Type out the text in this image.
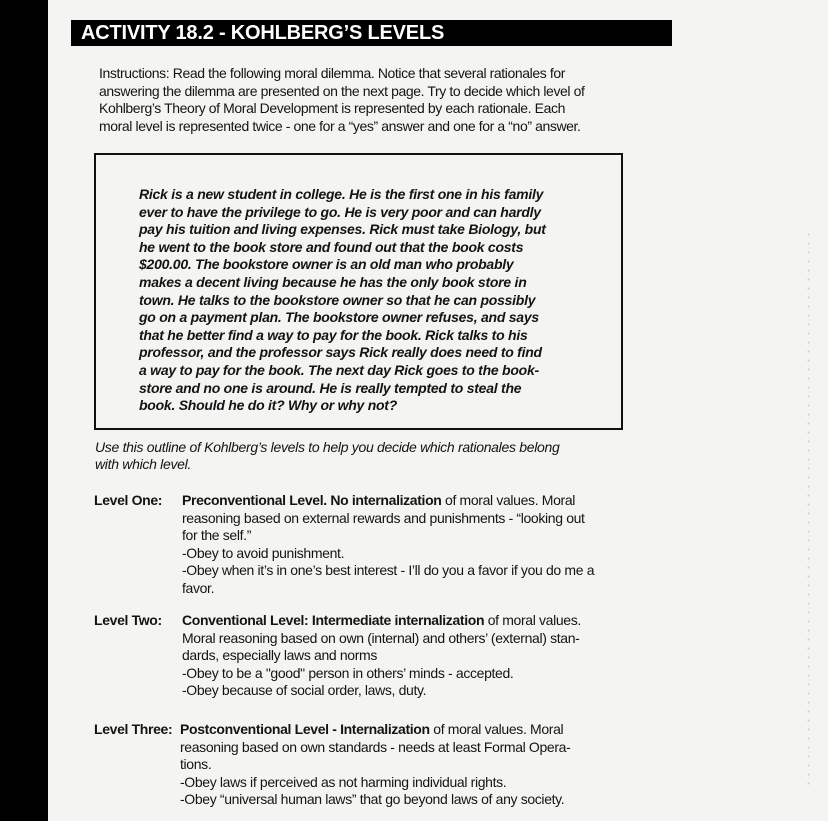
ACTIVITY 18.2 - KOHLBERG’S LEVELS
Instructions: Read the following moral dilemma. Notice that several rationales for
answering the dilemma are presented on the next page. Try to decide which level of
Kohlberg’s Theory of Moral Development is represented by each rationale. Each
moral level is represented twice - one for a “yes” answer and one for a “no” answer.
Rick is a new student in college. He is the first one in his family
ever to have the privilege to go. He is very poor and can hardly
pay his tuition and living expenses. Rick must take Biology, but
he went to the book store and found out that the book costs
$200.00. The bookstore owner is an old man who probably
makes a decent living because he has the only book store in
town. He talks to the bookstore owner so that he can possibly
go on a payment plan. The bookstore owner refuses, and says
that he better find a way to pay for the book. Rick talks to his
professor, and the professor says Rick really does need to find
a way to pay for the book. The next day Rick goes to the book-
store and no one is around. He is really tempted to steal the
book. Should he do it? Why or why not?
Use this outline of Kohlberg’s levels to help you decide which rationales belong
with which level.
Level One: Preconventional Level. No internalization of moral values. Moral
reasoning based on external rewards and punishments - “looking out
for the self.”
-Obey to avoid punishment.
-Obey when it’s in one’s best interest - I’ll do you a favor if you do me a
favor.
Level Two: Conventional Level: Intermediate internalization of moral values.
Moral reasoning based on own (internal) and others’ (external) stan-
dards, especially laws and norms
-Obey to be a "good" person in others’ minds - accepted.
-Obey because of social order, laws, duty.
Level Three: Postconventional Level - Internalization of moral values. Moral
reasoning based on own standards - needs at least Formal Opera-
tions.
-Obey laws if perceived as not harming individual rights.
-Obey “universal human laws” that go beyond laws of any society.
